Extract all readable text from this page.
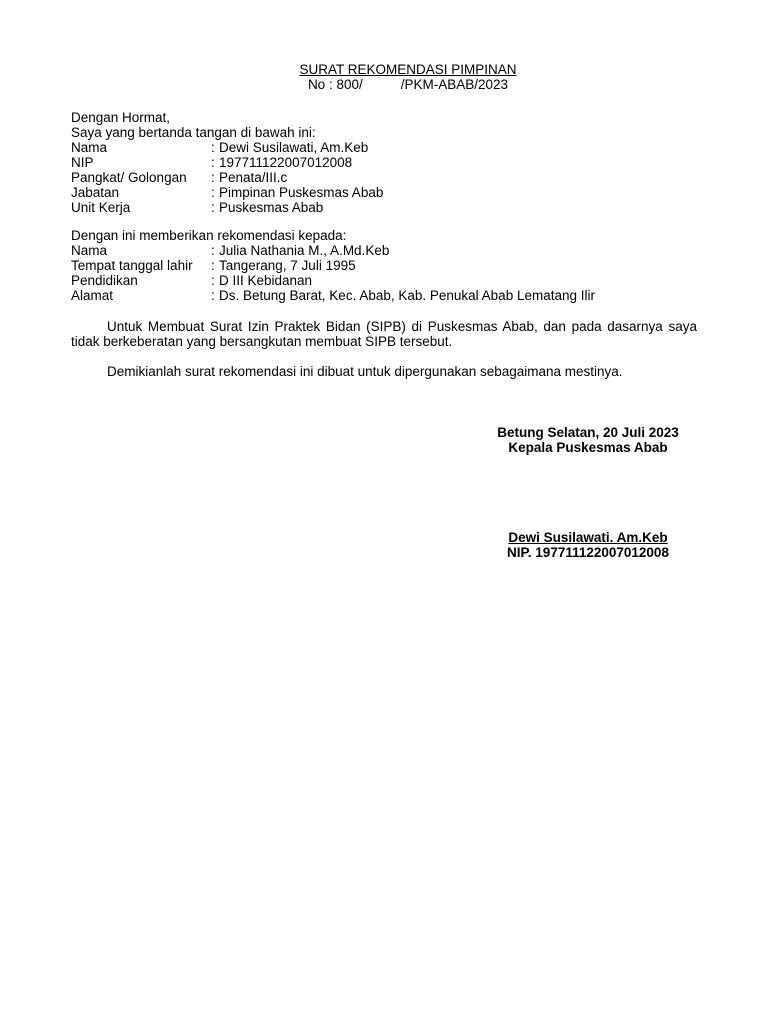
SURAT REKOMENDASI PIMPINAN
No : 800/	/PKM-ABAB/2023
Dengan Hormat,
Saya yang bertanda tangan di bawah ini:
Nama	: Dewi Susilawati, Am.Keb
NIP	: 197711122007012008
Pangkat/ Golongan	: Penata/III.c
Jabatan	: Pimpinan Puskesmas Abab
Unit Kerja	: Puskesmas Abab
Dengan ini memberikan rekomendasi kepada:
Nama	: Julia Nathania M., A.Md.Keb
Tempat tanggal lahir	: Tangerang, 7 Juli 1995
Pendidikan	: D III Kebidanan
Alamat	: Ds. Betung Barat, Kec. Abab, Kab. Penukal Abab Lematang Ilir
Untuk Membuat Surat Izin Praktek Bidan (SIPB) di Puskesmas Abab, dan pada dasarnya saya tidak berkeberatan yang bersangkutan membuat SIPB tersebut.
Demikianlah surat rekomendasi ini dibuat untuk dipergunakan sebagaimana mestinya.
Betung Selatan, 20 Juli 2023
Kepala Puskesmas Abab
Dewi Susilawati. Am.Keb
NIP. 197711122007012008
